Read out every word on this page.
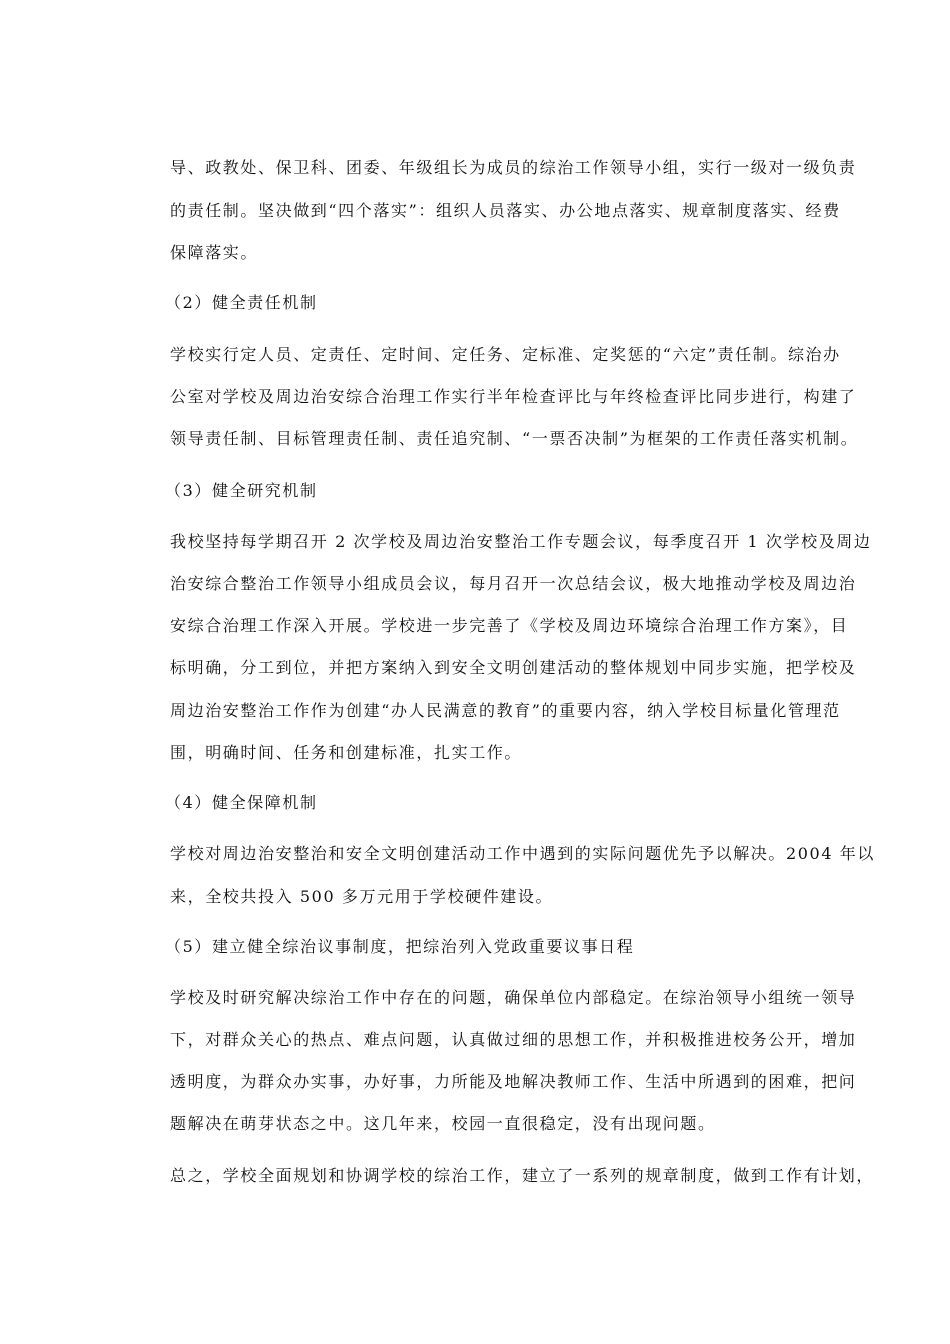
导、政教处、保卫科、团委、年级组长为成员的综治工作领导小组，实行一级对一级负责
的责任制。坚决做到“四个落实”：组织人员落实、办公地点落实、规章制度落实、经费
保障落实。
（2）健全责任机制
学校实行定人员、定责任、定时间、定任务、定标准、定奖惩的“六定”责任制。综治办
公室对学校及周边治安综合治理工作实行半年检查评比与年终检查评比同步进行，构建了
领导责任制、目标管理责任制、责任追究制、“一票否决制”为框架的工作责任落实机制。
（3）健全研究机制
我校坚持每学期召开 2 次学校及周边治安整治工作专题会议，每季度召开 1 次学校及周边
治安综合整治工作领导小组成员会议，每月召开一次总结会议，极大地推动学校及周边治
安综合治理工作深入开展。学校进一步完善了《学校及周边环境综合治理工作方案》，目
标明确，分工到位，并把方案纳入到安全文明创建活动的整体规划中同步实施，把学校及
周边治安整治工作作为创建“办人民满意的教育”的重要内容，纳入学校目标量化管理范
围，明确时间、任务和创建标准，扎实工作。
（4）健全保障机制
学校对周边治安整治和安全文明创建活动工作中遇到的实际问题优先予以解决。2004 年以
来，全校共投入 500 多万元用于学校硬件建设。
（5）建立健全综治议事制度，把综治列入党政重要议事日程
学校及时研究解决综治工作中存在的问题，确保单位内部稳定。在综治领导小组统一领导
下，对群众关心的热点、难点问题，认真做过细的思想工作，并积极推进校务公开，增加
透明度，为群众办实事，办好事，力所能及地解决教师工作、生活中所遇到的困难，把问
题解决在萌芽状态之中。这几年来，校园一直很稳定，没有出现问题。
总之，学校全面规划和协调学校的综治工作，建立了一系列的规章制度，做到工作有计划，
